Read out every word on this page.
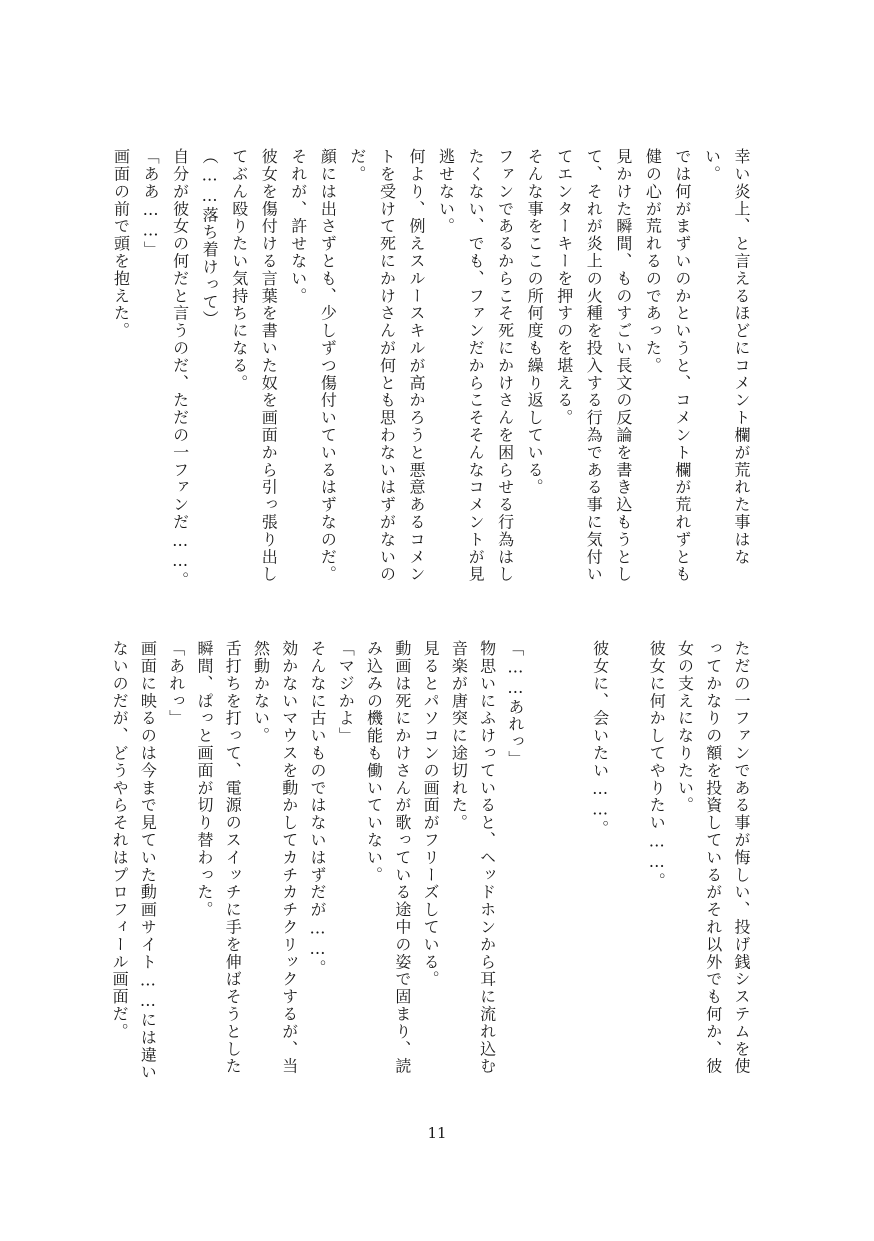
幸い炎上、と言えるほどにコメント欄が荒れた事はな

い。

では何がまずいのかというと、コメント欄が荒れずとも

健の心が荒れるのであった。

見かけた瞬間、ものすごい長文の反論を書き込もうとし

て、それが炎上の火種を投入する行為である事に気付い

てエンターキーを押すのを堪える。

そんな事をここの所何度も繰り返している。

ファンであるからこそ死にかけさんを困らせる行為はし

たくない、でも、ファンだからこそそんなコメントが見

逃せない。

何より、例えスルースキルが高かろうと悪意あるコメン

トを受けて死にかけさんが何とも思わないはずがないの

だ。

顔には出さずとも、少しずつ傷付いているはずなのだ。

それが、許せない。

彼女を傷付ける言葉を書いた奴を画面から引っ張り出し

てぶん殴りたい気持ちになる。

（……落ち着けって）

自分が彼女の何だと言うのだ、ただの一ファンだ……。

「ああ……」

画面の前で頭を抱えた。

ただの一ファンである事が悔しい、投げ銭システムを使

ってかなりの額を投資しているがそれ以外でも何か、彼

女の支えになりたい。

彼女に何かしてやりたい……。

彼女に、会いたい……。

「……あれっ」

物思いにふけっていると、ヘッドホンから耳に流れ込む

音楽が唐突に途切れた。

見るとパソコンの画面がフリーズしている。

動画は死にかけさんが歌っている途中の姿で固まり、読

み込みの機能も働いていない。

「マジかよ」

そんなに古いものではないはずだが……。

効かないマウスを動かしてカチカチクリックするが、当

然動かない。

舌打ちを打って、電源のスイッチに手を伸ばそうとした

瞬間、ぱっと画面が切り替わった。

「あれっ」

画面に映るのは今まで見ていた動画サイト……には違い

ないのだが、どうやらそれはプロフィール画面だ。

11
